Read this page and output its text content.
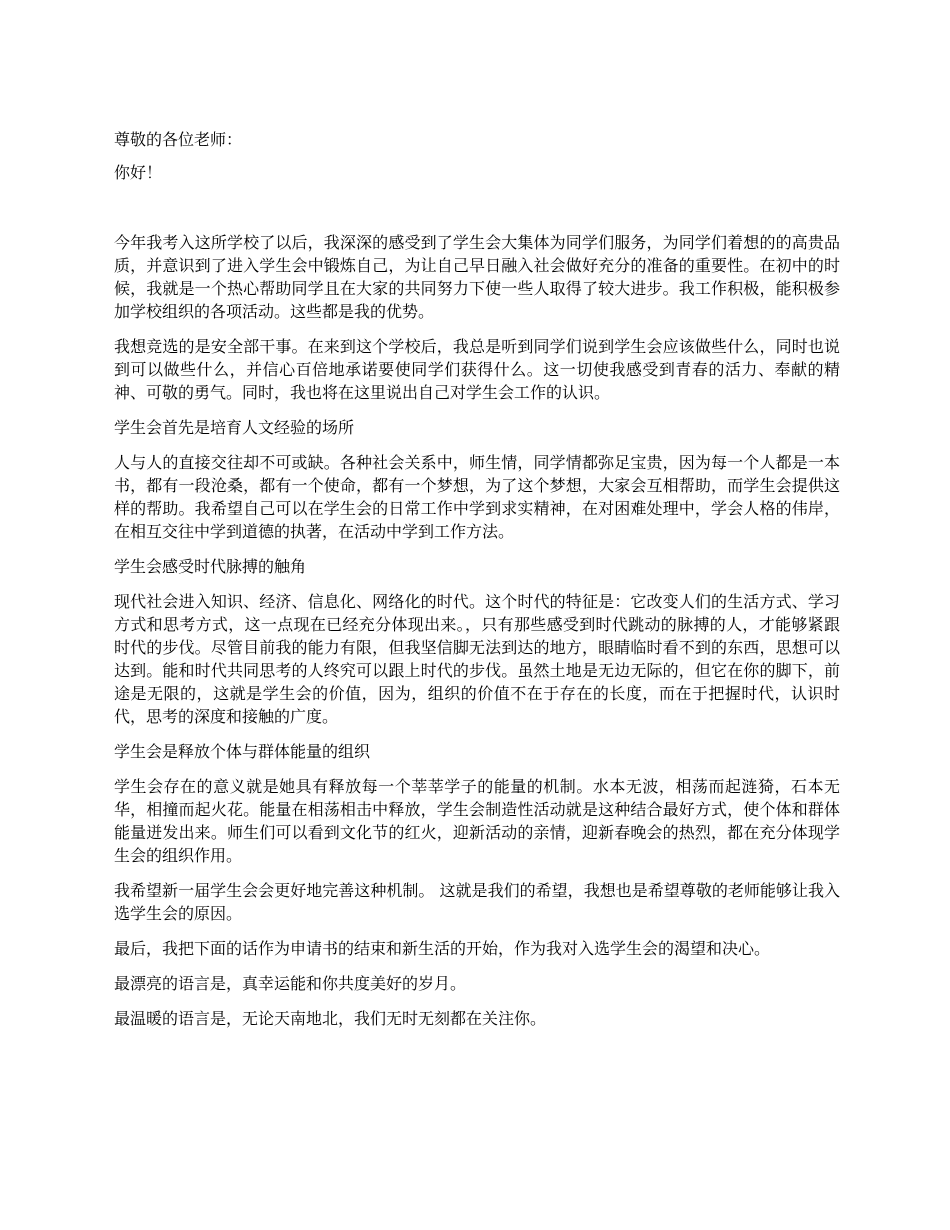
尊敬的各位老师：

你好！

今年我考入这所学校了以后，我深深的感受到了学生会大集体为同学们服务，为同学们着想的的高贵品质，并意识到了进入学生会中锻炼自己，为让自己早日融入社会做好充分的准备的重要性。在初中的时候，我就是一个热心帮助同学且在大家的共同努力下使一些人取得了较大进步。我工作积极，能积极参加学校组织的各项活动。这些都是我的优势。

我想竞选的是安全部干事。在来到这个学校后，我总是听到同学们说到学生会应该做些什么，同时也说到可以做些什么，并信心百倍地承诺要使同学们获得什么。这一切使我感受到青春的活力、奉献的精神、可敬的勇气。同时，我也将在这里说出自己对学生会工作的认识。

学生会首先是培育人文经验的场所

人与人的直接交往却不可或缺。各种社会关系中，师生情，同学情都弥足宝贵，因为每一个人都是一本书，都有一段沧桑，都有一个使命，都有一个梦想，为了这个梦想，大家会互相帮助，而学生会提供这样的帮助。我希望自己可以在学生会的日常工作中学到求实精神，在对困难处理中，学会人格的伟岸，在相互交往中学到道德的执著，在活动中学到工作方法。

学生会感受时代脉搏的触角

现代社会进入知识、经济、信息化、网络化的时代。这个时代的特征是：它改变人们的生活方式、学习方式和思考方式，这一点现在已经充分体现出来。，只有那些感受到时代跳动的脉搏的人，才能够紧跟时代的步伐。尽管目前我的能力有限，但我坚信脚无法到达的地方，眼睛临时看不到的东西，思想可以达到。能和时代共同思考的人终究可以跟上时代的步伐。虽然土地是无边无际的，但它在你的脚下，前途是无限的，这就是学生会的价值，因为，组织的价值不在于存在的长度，而在于把握时代，认识时代，思考的深度和接触的广度。

学生会是释放个体与群体能量的组织

学生会存在的意义就是她具有释放每一个莘莘学子的能量的机制。水本无波，相荡而起涟猗，石本无华，相撞而起火花。能量在相荡相击中释放，学生会制造性活动就是这种结合最好方式，使个体和群体能量迸发出来。师生们可以看到文化节的红火，迎新活动的亲情，迎新春晚会的热烈，都在充分体现学生会的组织作用。

我希望新一届学生会会更好地完善这种机制。 这就是我们的希望，我想也是希望尊敬的老师能够让我入选学生会的原因。

最后，我把下面的话作为申请书的结束和新生活的开始，作为我对入选学生会的渴望和决心。

最漂亮的语言是，真幸运能和你共度美好的岁月。

最温暖的语言是，无论天南地北，我们无时无刻都在关注你。
